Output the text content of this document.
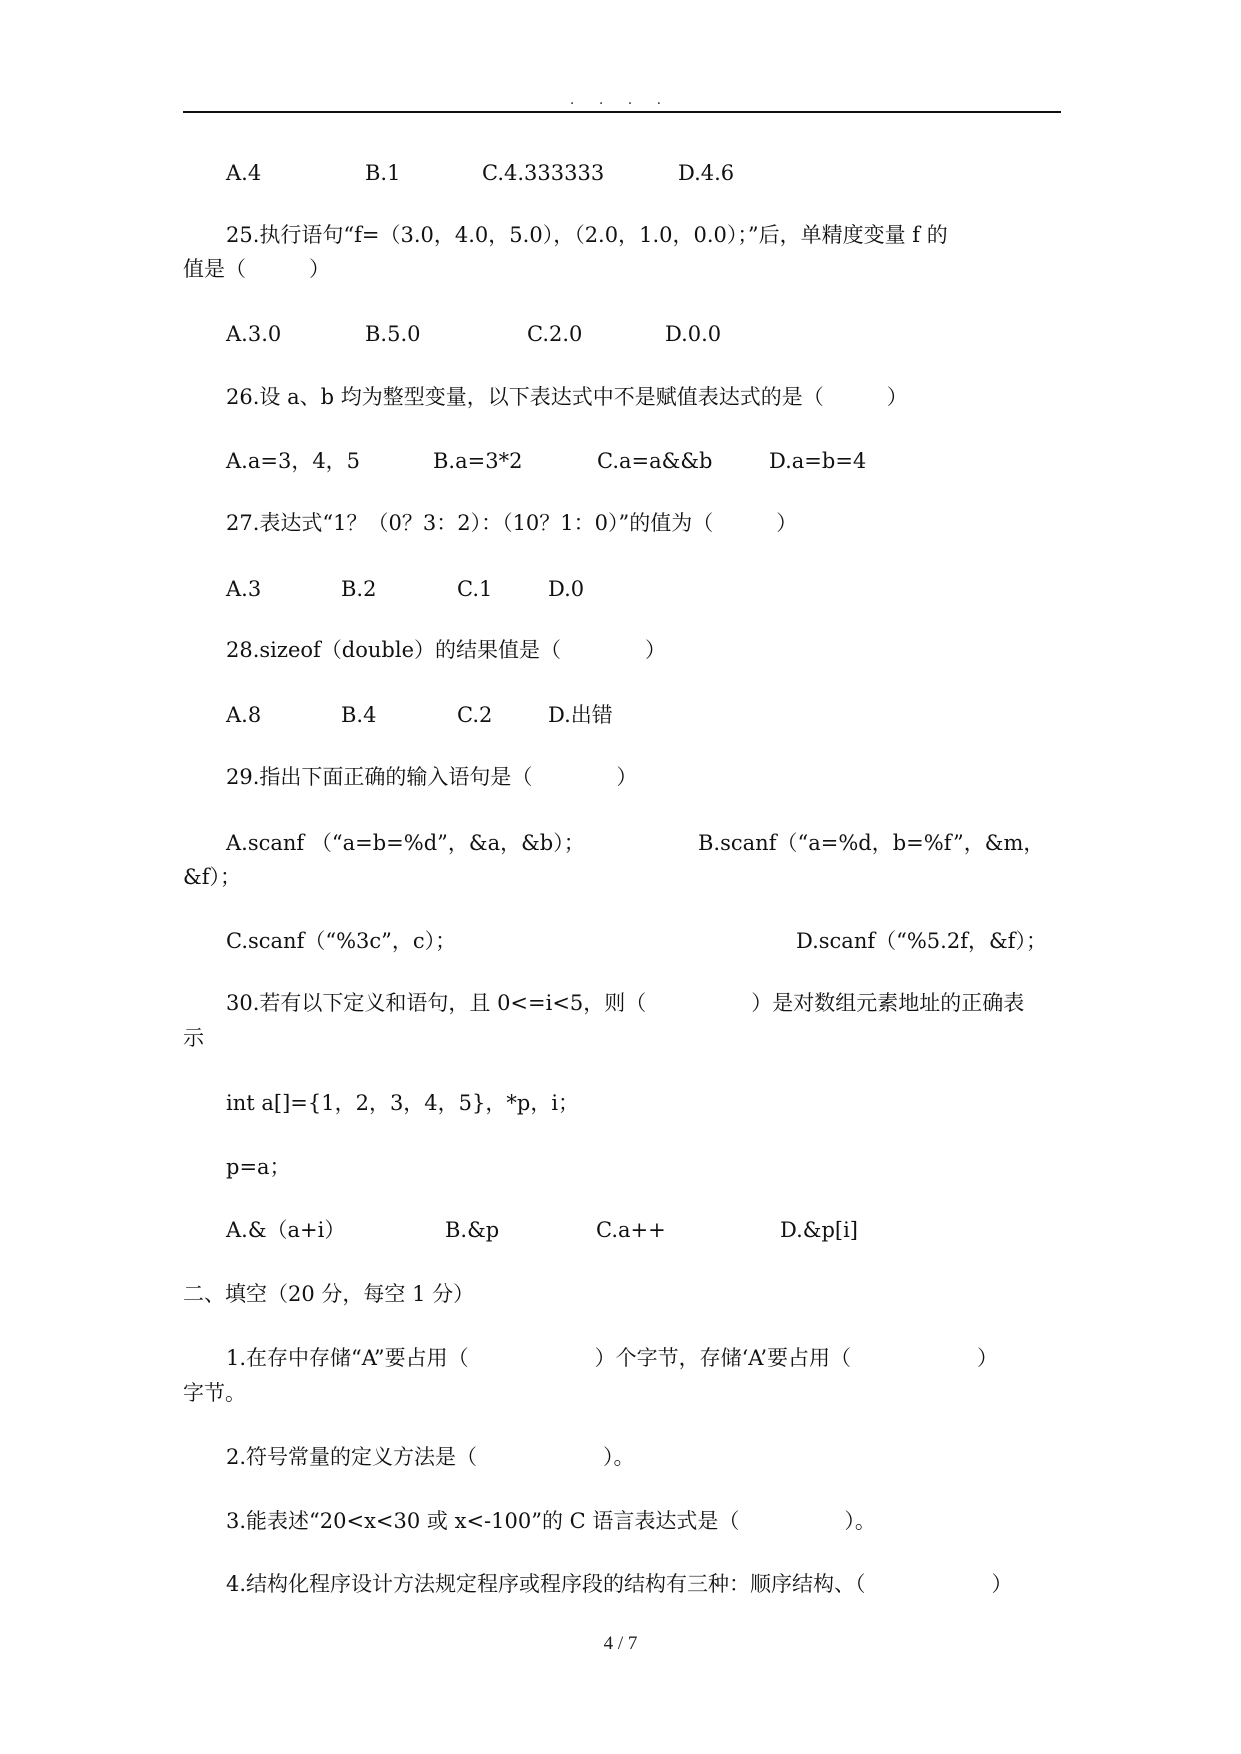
. . . .
A.4	B.1	C.4.333333	D.4.6
25.执行语句“f=（3.0，4.0，5.0），（2.0，1.0，0.0）；”后，单精度变量 f 的
值是（　　　）
A.3.0	B.5.0	C.2.0	D.0.0
26.设 a、b 均为整型变量，以下表达式中不是赋值表达式的是（　　　）
A.a=3，4，5	B.a=3*2	C.a=a&&b	D.a=b=4
27.表达式“1？（0？3：2）：（10？1：0）”的值为（　　　）
A.3	B.2	C.1	D.0
28.sizeof（double）的结果值是（　　　　）
A.8	B.4	C.2	D.出错
29.指出下面正确的输入语句是（　　　　）
A.scanf （“a=b=%d”，&a，&b）；	B.scanf（“a=%d，b=%f”，&m，
&f）；
C.scanf（“%3c”，c）；	D.scanf（“%5.2f，&f）；
30.若有以下定义和语句，且 0<=i<5，则（　　　　　）是对数组元素地址的正确表
示
int a[]={1，2，3，4，5}，*p，i；
p=a；
A.&（a+i）	B.&p	C.a++	D.&p[i]
二、填空（20 分，每空 1 分）
1.在存中存储“A”要占用（　　　　　　）个字节，存储‘A’要占用（　　　　　　）
字节。
2.符号常量的定义方法是（　　　　　　）。
3.能表述“20<x<30 或 x<-100”的 C 语言表达式是（　　　　　）。
4.结构化程序设计方法规定程序或程序段的结构有三种：顺序结构、（　　　　　　）
4 / 7
